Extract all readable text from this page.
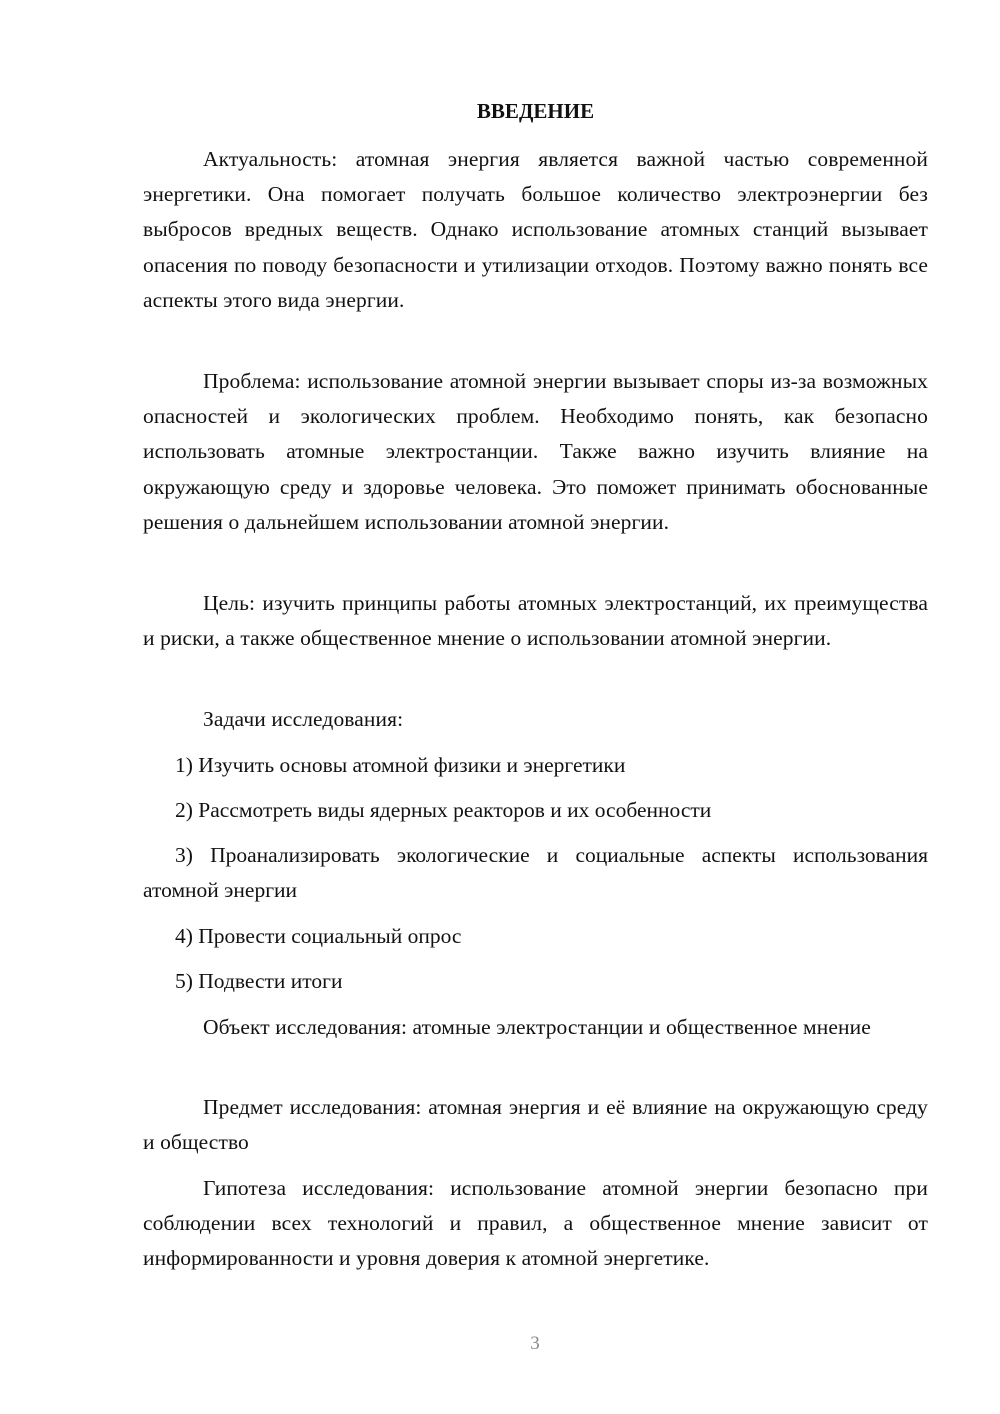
ВВЕДЕНИЕ

Актуальность: атомная энергия является важной частью современной энергетики. Она помогает получать большое количество электроэнергии без выбросов вредных веществ. Однако использование атомных станций вызывает опасения по поводу безопасности и утилизации отходов. Поэтому важно понять все аспекты этого вида энергии.

Проблема: использование атомной энергии вызывает споры из-за возможных опасностей и экологических проблем. Необходимо понять, как безопасно использовать атомные электростанции. Также важно изучить влияние на окружающую среду и здоровье человека. Это поможет принимать обоснованные решения о дальнейшем использовании атомной энергии.

Цель: изучить принципы работы атомных электростанций, их преимущества и риски, а также общественное мнение о использовании атомной энергии.

Задачи исследования:

1) Изучить основы атомной физики и энергетики

2) Рассмотреть виды ядерных реакторов и их особенности

3) Проанализировать экологические и социальные аспекты использования атомной энергии

4) Провести социальный опрос

5) Подвести итоги

Объект исследования: атомные электростанции и общественное мнение

Предмет исследования: атомная энергия и её влияние на окружающую среду и общество

Гипотеза исследования: использование атомной энергии безопасно при соблюдении всех технологий и правил, а общественное мнение зависит от информированности и уровня доверия к атомной энергетике.

3
